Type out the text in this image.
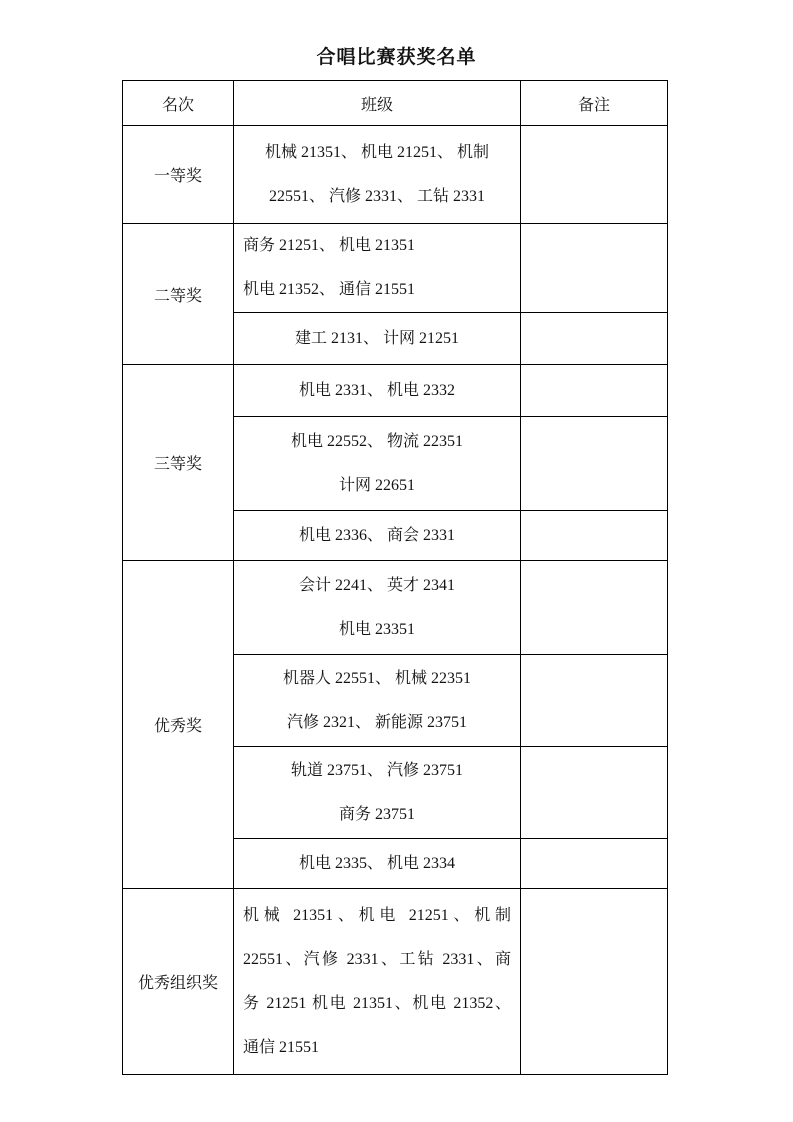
合唱比赛获奖名单
名次	班级	备注
一等奖	机械 21351、 机电 21251、 机制
22551、 汽修 2331、 工钻 2331	

二等奖	商务 21251、 机电 21351
机电 21352、 通信 21551	

	建工 2131、 计网 21251	

三等奖	机电 2331、 机电 2332	

	机电 22552、 物流 22351
计网 22651	

	机电 2336、 商会 2331	

优秀奖	会计 2241、 英才 2341
机电 23351	

	机器人 22551、 机械 22351
汽修 2321、 新能源 23751	

	轨道 23751、 汽修 23751
商务 23751	

	机电 2335、 机电 2334	

优秀组织奖	机械 21351、机电 21251、机制
22551、汽修 2331、工钻 2331、商
务 21251 机电 21351、机电 21352、
通信 21551	
